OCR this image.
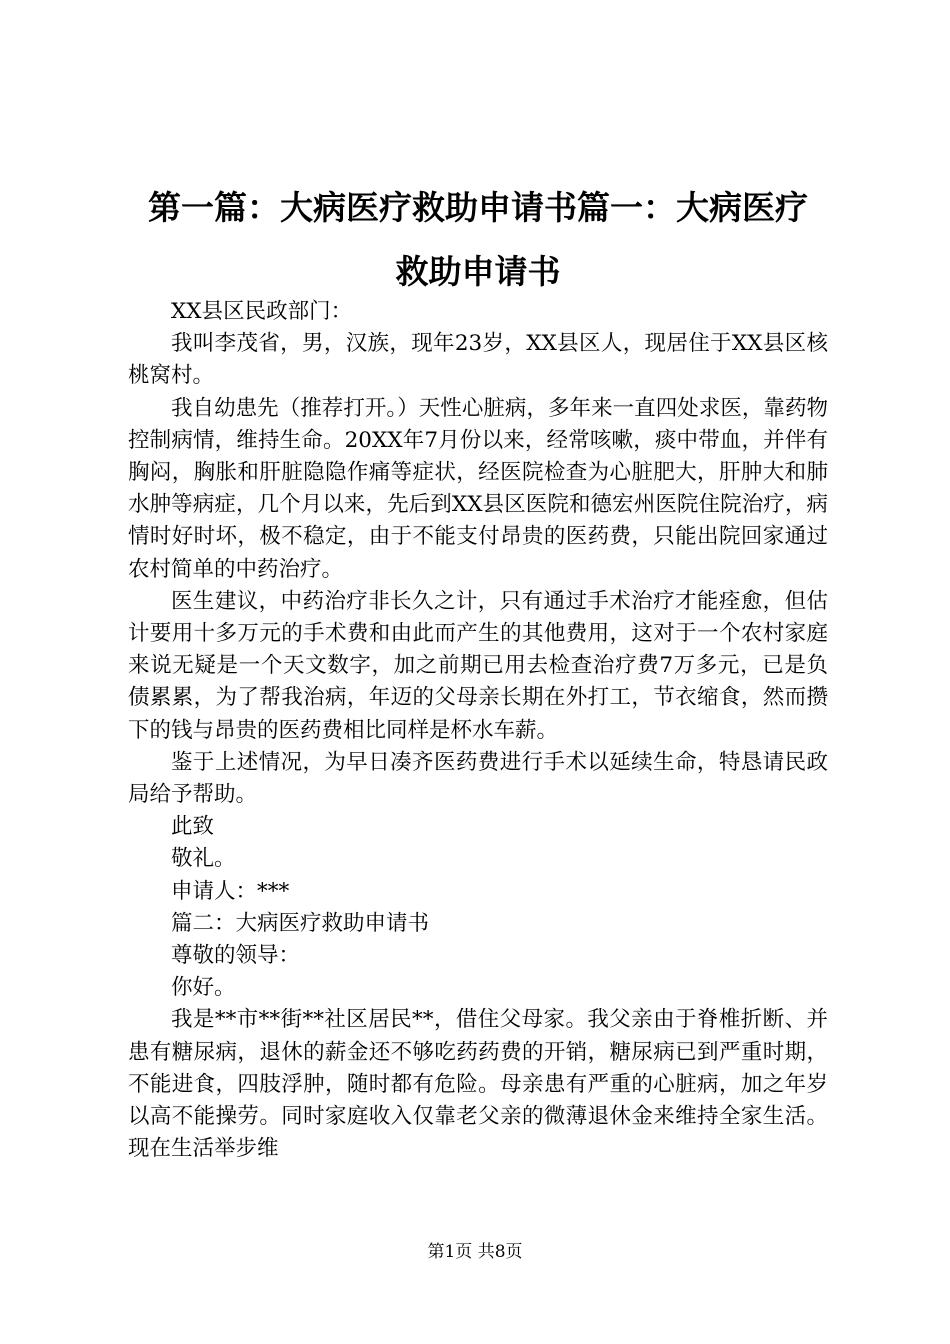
第一篇：大病医疗救助申请书篇一：大病医疗
救助申请书

XX县区民政部门：

我叫李茂省，男，汉族，现年23岁，XX县区人，现居住于XX县区核桃窝村。

我自幼患先（推荐打开。）天性心脏病，多年来一直四处求医，靠药物控制病情，维持生命。20XX年7月份以来，经常咳嗽，痰中带血，并伴有胸闷，胸胀和肝脏隐隐作痛等症状，经医院检查为心脏肥大，肝肿大和肺水肿等病症，几个月以来，先后到XX县区医院和德宏州医院住院治疗，病情时好时坏，极不稳定，由于不能支付昂贵的医药费，只能出院回家通过农村简单的中药治疗。

医生建议，中药治疗非长久之计，只有通过手术治疗才能痊愈，但估计要用十多万元的手术费和由此而产生的其他费用，这对于一个农村家庭来说无疑是一个天文数字，加之前期已用去检查治疗费7万多元，已是负债累累，为了帮我治病，年迈的父母亲长期在外打工，节衣缩食，然而攒下的钱与昂贵的医药费相比同样是杯水车薪。

鉴于上述情况，为早日凑齐医药费进行手术以延续生命，特恳请民政局给予帮助。

此致

敬礼。

申请人：***

篇二：大病医疗救助申请书

尊敬的领导：

你好。

我是**市**街**社区居民**，借住父母家。我父亲由于脊椎折断、并患有糖尿病，退休的薪金还不够吃药药费的开销，糖尿病已到严重时期，不能进食，四肢浮肿，随时都有危险。母亲患有严重的心脏病，加之年岁以高不能操劳。同时家庭收入仅靠老父亲的微薄退休金来维持全家生活。现在生活举步维

第1页 共8页
